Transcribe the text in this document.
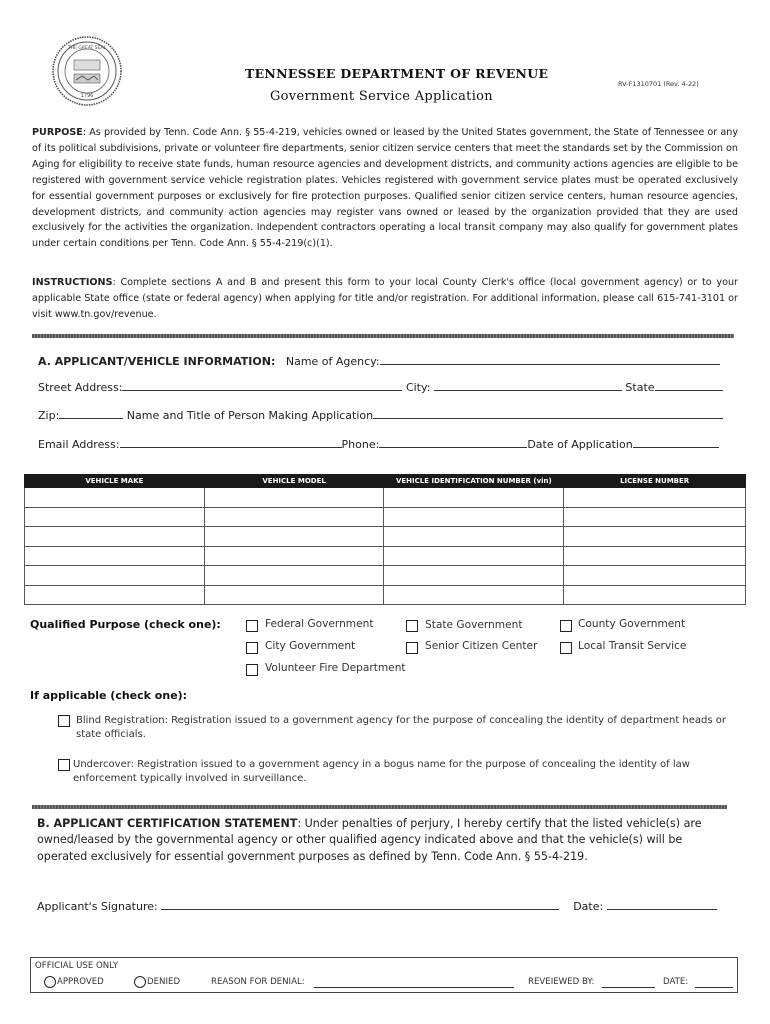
THE GREAT SEAL
1796
TENNESSEE DEPARTMENT OF REVENUE
Government Service Application
RV-F1310701 (Rev. 4-22)
PURPOSE: As provided by Tenn. Code Ann. § 55-4-219, vehicles owned or leased by the United States government, the State of Tennessee or any of its political subdivisions, private or volunteer fire departments, senior citizen service centers that meet the standards set by the Commission on Aging for eligibility to receive state funds, human resource agencies and development districts, and community actions agencies are eligible to be registered with government service vehicle registration plates. Vehicles registered with government service plates must be operated exclusively for essential government purposes or exclusively for fire protection purposes. Qualified senior citizen service centers, human resource agencies, development districts, and community action agencies may register vans owned or leased by the organization provided that they are used exclusively for the activities the organization. Independent contractors operating a local transit company may also qualify for government plates under certain conditions per Tenn. Code Ann. § 55-4-219(c)(1).
INSTRUCTIONS: Complete sections A and B and present this form to your local County Clerk's office (local government agency) or to your applicable State office (state or federal agency) when applying for title and/or registration. For additional information, please call 615-741-3101 or visit www.tn.gov/revenue.
A. APPLICANT/VEHICLE INFORMATION: Name of Agency:
Street Address:	City:	State
Zip:	Name and Title of Person Making Application
Email Address:	Phone:	Date of Application
VEHICLE MAKE	VEHICLE MODEL	VEHICLE IDENTIFICATION NUMBER (vin)	LICENSE NUMBER

Qualified Purpose (check one):	Federal Government	State Government	County Government
City Government	Senior Citizen Center	Local Transit Service
Volunteer Fire Department
If applicable (check one):
Blind Registration: Registration issued to a government agency for the purpose of concealing the identity of department heads or state officials.
Undercover: Registration issued to a government agency in a bogus name for the purpose of concealing the identity of law enforcement typically involved in surveillance.
B. APPLICANT CERTIFICATION STATEMENT: Under penalties of perjury, I hereby certify that the listed vehicle(s) are owned/leased by the governmental agency or other qualified agency indicated above and that the vehicle(s) will be operated exclusively for essential government purposes as defined by Tenn. Code Ann. § 55-4-219.
Applicant's Signature:	Date:
OFFICIAL USE ONLY
APPROVED	DENIED	REASON FOR DENIAL:	REVEIEWED BY:	DATE:
